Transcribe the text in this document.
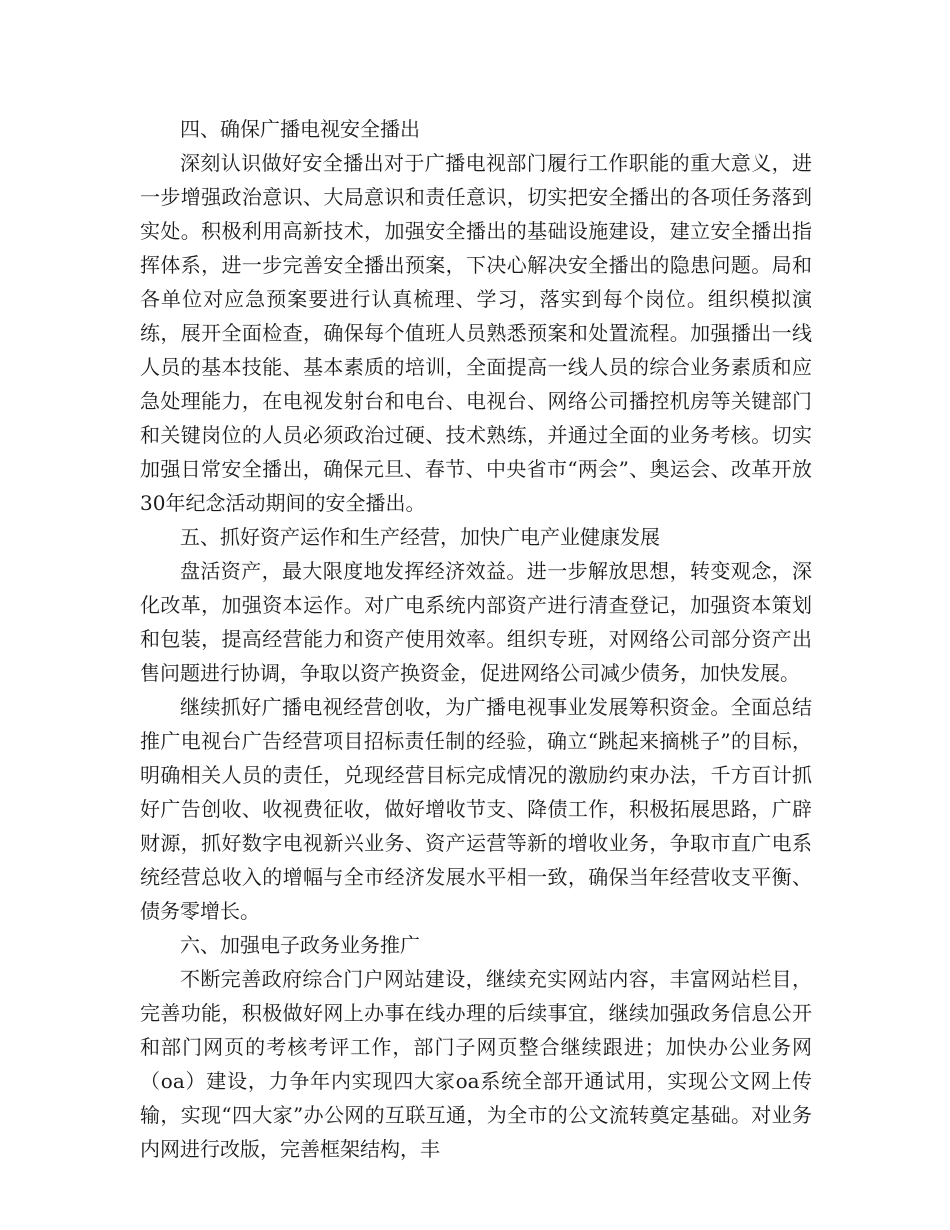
四、确保广播电视安全播出

深刻认识做好安全播出对于广播电视部门履行工作职能的重大意义，进一步增强政治意识、大局意识和责任意识，切实把安全播出的各项任务落到实处。积极利用高新技术，加强安全播出的基础设施建设，建立安全播出指挥体系，进一步完善安全播出预案，下决心解决安全播出的隐患问题。局和各单位对应急预案要进行认真梳理、学习，落实到每个岗位。组织模拟演练，展开全面检查，确保每个值班人员熟悉预案和处置流程。加强播出一线人员的基本技能、基本素质的培训，全面提高一线人员的综合业务素质和应急处理能力，在电视发射台和电台、电视台、网络公司播控机房等关键部门和关键岗位的人员必须政治过硬、技术熟练，并通过全面的业务考核。切实加强日常安全播出，确保元旦、春节、中央省市“两会”、奥运会、改革开放30年纪念活动期间的安全播出。

五、抓好资产运作和生产经营，加快广电产业健康发展

盘活资产，最大限度地发挥经济效益。进一步解放思想，转变观念，深化改革，加强资本运作。对广电系统内部资产进行清查登记，加强资本策划和包装，提高经营能力和资产使用效率。组织专班，对网络公司部分资产出售问题进行协调，争取以资产换资金，促进网络公司减少债务，加快发展。

继续抓好广播电视经营创收，为广播电视事业发展筹积资金。全面总结推广电视台广告经营项目招标责任制的经验，确立“跳起来摘桃子”的目标，明确相关人员的责任，兑现经营目标完成情况的激励约束办法，千方百计抓好广告创收、收视费征收，做好增收节支、降债工作，积极拓展思路，广辟财源，抓好数字电视新兴业务、资产运营等新的增收业务，争取市直广电系统经营总收入的增幅与全市经济发展水平相一致，确保当年经营收支平衡、债务零增长。

六、加强电子政务业务推广

不断完善政府综合门户网站建设，继续充实网站内容，丰富网站栏目，完善功能，积极做好网上办事在线办理的后续事宜，继续加强政务信息公开和部门网页的考核考评工作，部门子网页整合继续跟进；加快办公业务网（oa）建设，力争年内实现四大家oa系统全部开通试用，实现公文网上传输，实现“四大家”办公网的互联互通，为全市的公文流转奠定基础。对业务内网进行改版，完善框架结构，丰
